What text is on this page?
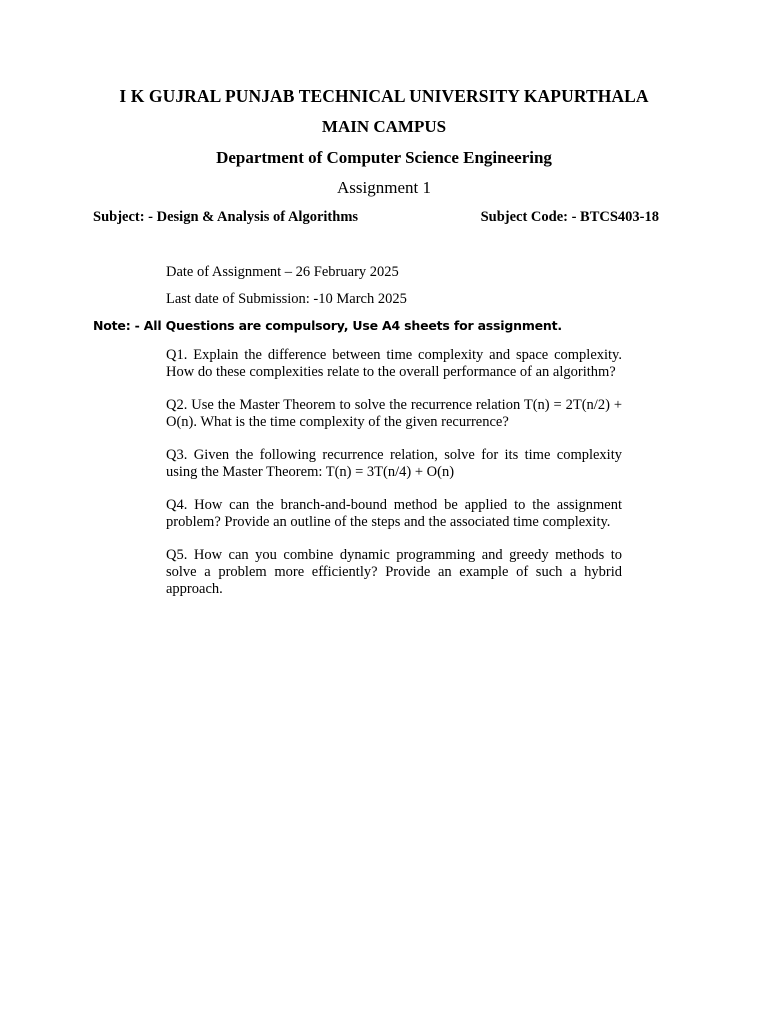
I K GUJRAL PUNJAB TECHNICAL UNIVERSITY KAPURTHALA
MAIN CAMPUS
Department of Computer Science Engineering
Assignment 1
Subject: - Design & Analysis of Algorithms	Subject Code: - BTCS403-18
Date of Assignment – 26 February 2025
Last date of Submission: -10 March 2025
Note: - All Questions are compulsory, Use A4 sheets for assignment.

Q1. Explain the difference between time complexity and space complexity. How do these complexities relate to the overall performance of an algorithm?

Q2. Use the Master Theorem to solve the recurrence relation T(n) = 2T(n/2) + O(n). What is the time complexity of the given recurrence?

Q3. Given the following recurrence relation, solve for its time complexity using the Master Theorem: T(n) = 3T(n/4) + O(n)

Q4. How can the branch-and-bound method be applied to the assignment problem? Provide an outline of the steps and the associated time complexity.

Q5. How can you combine dynamic programming and greedy methods to solve a problem more efficiently? Provide an example of such a hybrid approach.
